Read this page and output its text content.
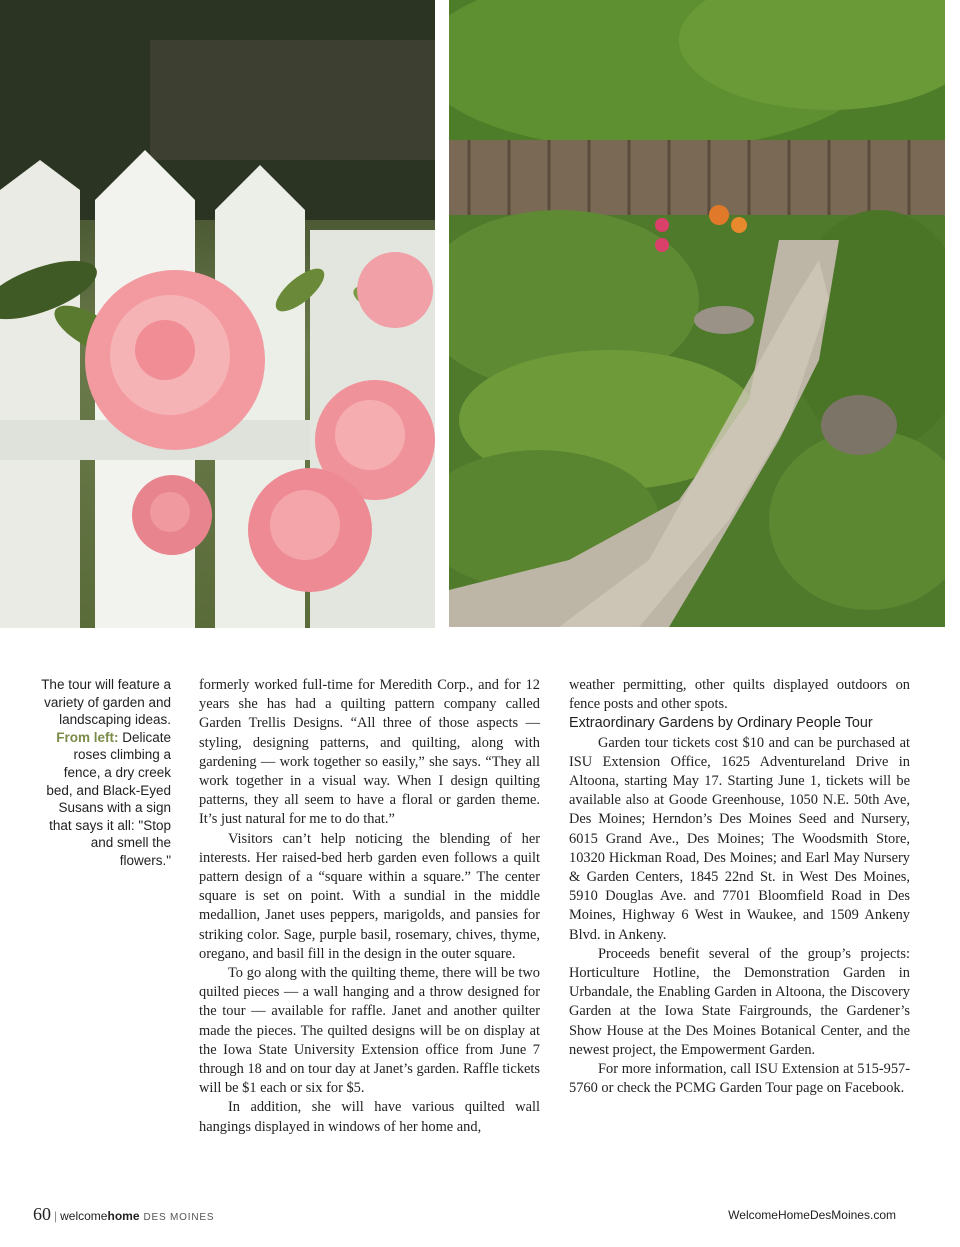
The tour will feature a variety of garden and landscaping ideas. From left: Delicate roses climbing a fence, a dry creek bed, and Black-Eyed Susans with a sign that says it all: "Stop and smell the flowers."

formerly worked full-time for Meredith Corp., and for 12 years she has had a quilting pattern company called Garden Trellis Designs. “All three of those aspects — styling, designing patterns, and quilting, along with gardening — work together so easily,” she says. “They all work together in a visual way. When I design quilting patterns, they all seem to have a floral or garden theme. It’s just natural for me to do that.”

Visitors can’t help noticing the blending of her interests. Her raised-bed herb garden even follows a quilt pattern design of a “square within a square.” The center square is set on point. With a sundial in the middle medallion, Janet uses peppers, marigolds, and pansies for striking color. Sage, purple basil, rosemary, chives, thyme, oregano, and basil fill in the design in the outer square.

To go along with the quilting theme, there will be two quilted pieces — a wall hanging and a throw designed for the tour — available for raffle. Janet and another quilter made the pieces. The quilted designs will be on display at the Iowa State University Extension office from June 7 through 18 and on tour day at Janet’s garden. Raffle tickets will be $1 each or six for $5.

In addition, she will have various quilted wall hangings displayed in windows of her home and,

weather permitting, other quilts displayed outdoors on fence posts and other spots.

Extraordinary Gardens by Ordinary People Tour

Garden tour tickets cost $10 and can be purchased at ISU Extension Office, 1625 Adventureland Drive in Altoona, starting May 17. Starting June 1, tickets will be available also at Goode Greenhouse, 1050 N.E. 50th Ave, Des Moines; Herndon’s Des Moines Seed and Nursery, 6015 Grand Ave., Des Moines; The Woodsmith Store, 10320 Hickman Road, Des Moines; and Earl May Nursery & Garden Centers, 1845 22nd St. in West Des Moines, 5910 Douglas Ave. and 7701 Bloomfield Road in Des Moines, Highway 6 West in Waukee, and 1509 Ankeny Blvd. in Ankeny.

Proceeds benefit several of the group’s projects: Horticulture Hotline, the Demonstration Garden in Urbandale, the Enabling Garden in Altoona, the Discovery Garden at the Iowa State Fairgrounds, the Gardener’s Show House at the Des Moines Botanical Center, and the newest project, the Empowerment Garden.

For more information, call ISU Extension at 515-957-5760 or check the PCMG Garden Tour page on Facebook.

60 | welcomehome DES MOINES	WelcomeHomeDesMoines.com
